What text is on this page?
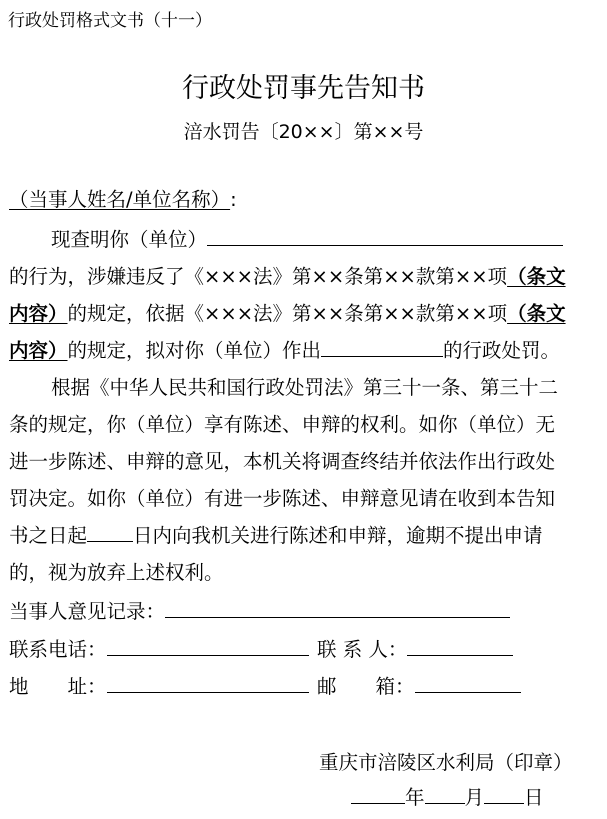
行政处罚格式文书（十一）
行政处罚事先告知书
涪水罚告〔20××〕第××号
（当事人姓名/单位名称）:
现查明你（单位）
的行为，涉嫌违反了《×××法》第××条第××款第××项（条文
内容）的规定，依据《×××法》第××条第××款第××项（条文
内容）的规定，拟对你（单位）作出	的行政处罚。
根据《中华人民共和国行政处罚法》第三十一条、第三十二
条的规定，你（单位）享有陈述、申辩的权利。如你（单位）无
进一步陈述、申辩的意见，本机关将调查终结并依法作出行政处
罚决定。如你（单位）有进一步陈述、申辩意见请在收到本告知
书之日起 日内向我机关进行陈述和申辩，逾期不提出申请
的，视为放弃上述权利。
当事人意见记录：
联系电话：	联 系 人：
地　　址：	邮　　箱：
重庆市涪陵区水利局（印章）
年 月 日
